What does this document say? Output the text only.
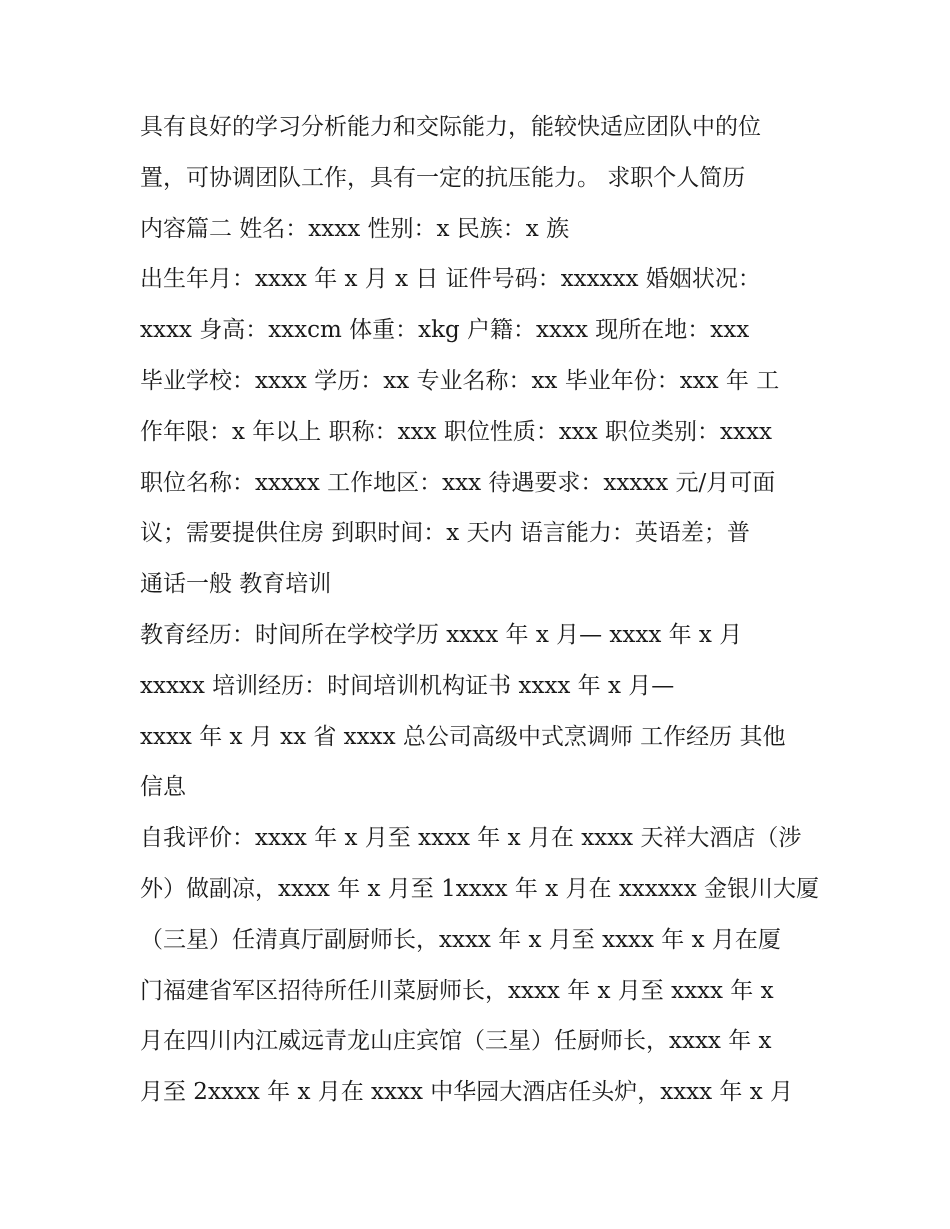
具有良好的学习分析能力和交际能力，能较快适应团队中的位
置，可协调团队工作，具有一定的抗压能力。 求职个人简历
内容篇二 姓名：xxxx 性别：x 民族：x 族
出生年月：xxxx 年 x 月 x 日 证件号码：xxxxxx 婚姻状况：
xxxx 身高：xxxcm 体重：xkg 户籍：xxxx 现所在地：xxx
毕业学校：xxxx 学历：xx 专业名称：xx 毕业年份：xxx 年 工
作年限：x 年以上 职称：xxx 职位性质：xxx 职位类别：xxxx
职位名称：xxxxx 工作地区：xxx 待遇要求：xxxxx 元/月可面
议；需要提供住房 到职时间：x 天内 语言能力：英语差；普
通话一般 教育培训
教育经历：时间所在学校学历 xxxx 年 x 月— xxxx 年 x 月
xxxxx 培训经历：时间培训机构证书 xxxx 年 x 月—
xxxx 年 x 月 xx 省 xxxx 总公司高级中式烹调师 工作经历 其他
信息
自我评价：xxxx 年 x 月至 xxxx 年 x 月在 xxxx 天祥大酒店（涉
外）做副凉，xxxx 年 x 月至 1xxxx 年 x 月在 xxxxxx 金银川大厦
（三星）任清真厅副厨师长，xxxx 年 x 月至 xxxx 年 x 月在厦
门福建省军区招待所任川菜厨师长，xxxx 年 x 月至 xxxx 年 x
月在四川内江威远青龙山庄宾馆（三星）任厨师长，xxxx 年 x
月至 2xxxx 年 x 月在 xxxx 中华园大酒店任头炉，xxxx 年 x 月
